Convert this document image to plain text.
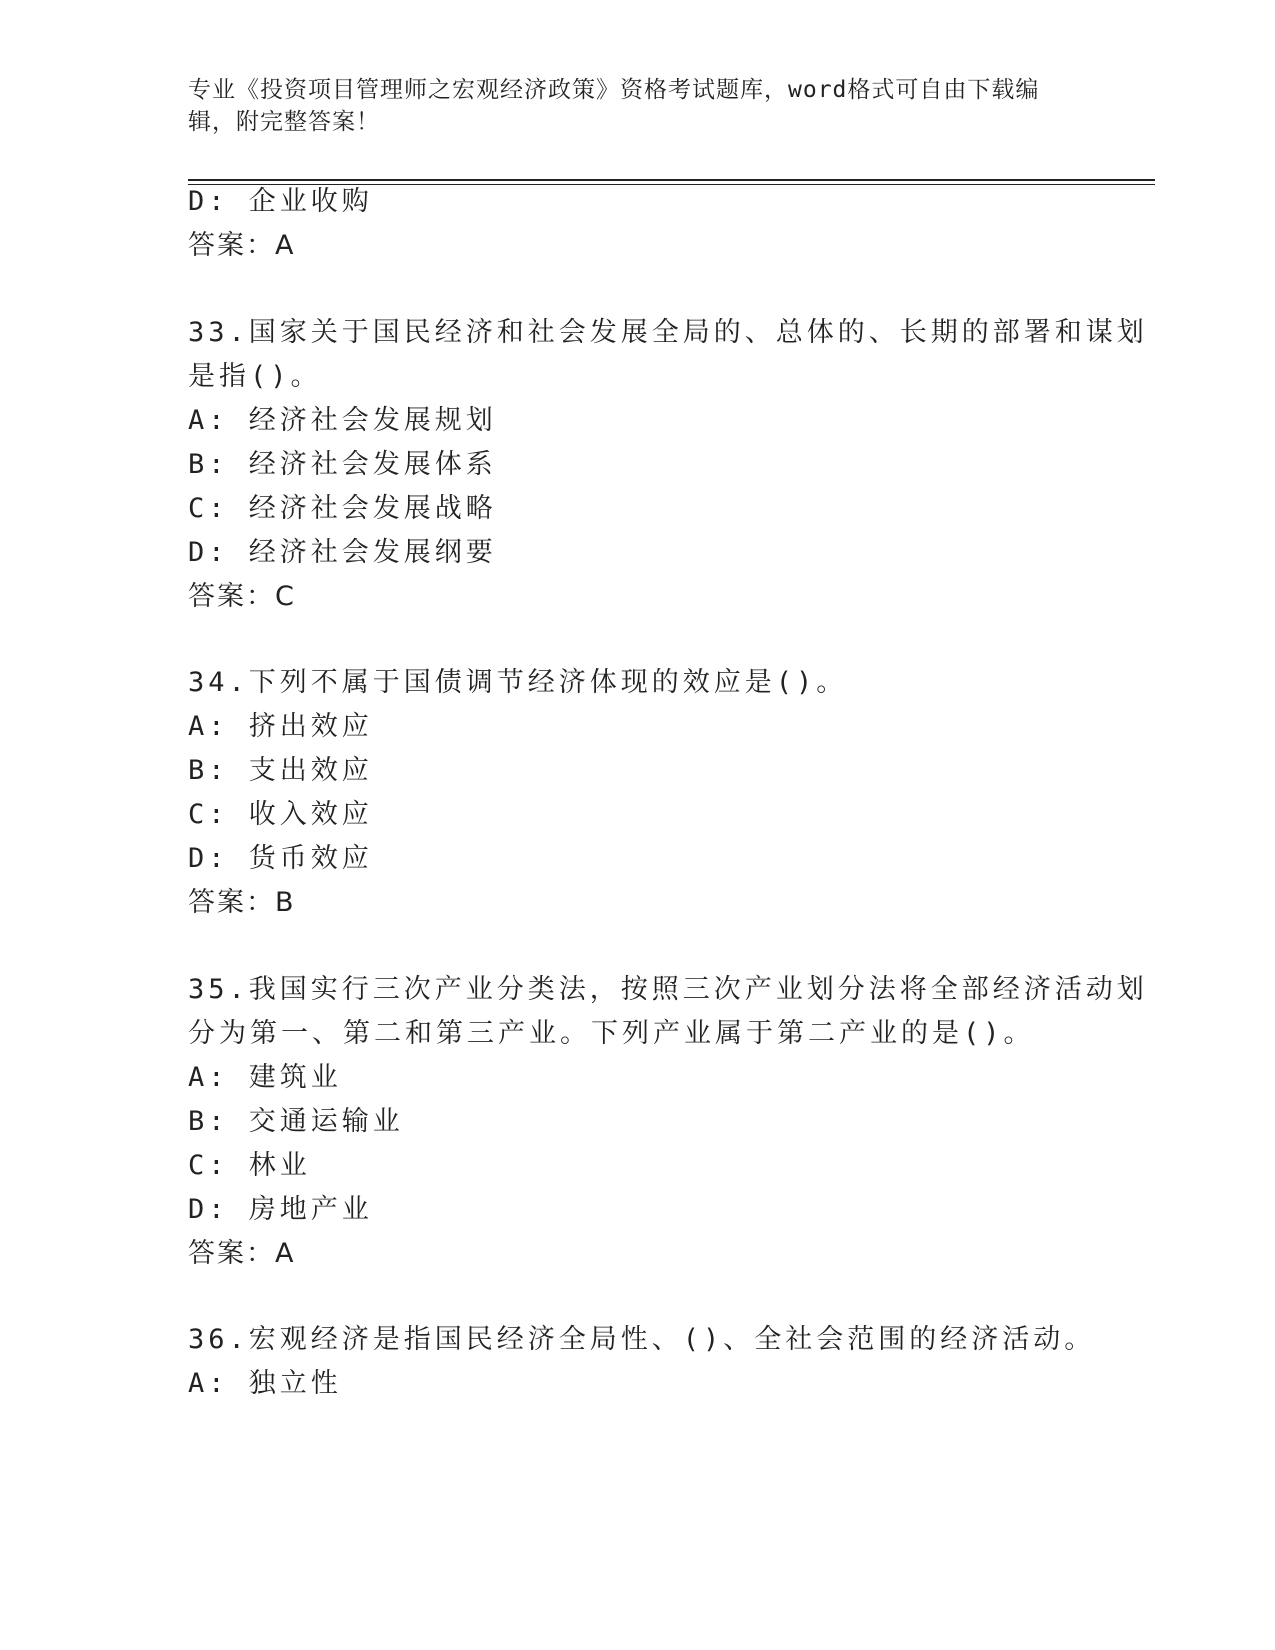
专业《投资项目管理师之宏观经济政策》资格考试题库，word格式可自由下载编
辑，附完整答案！
D: 企业收购
答案：A
33.国家关于国民经济和社会发展全局的、总体的、长期的部署和谋划
是指()。
A: 经济社会发展规划
B: 经济社会发展体系
C: 经济社会发展战略
D: 经济社会发展纲要
答案：C
34.下列不属于国债调节经济体现的效应是()。
A: 挤出效应
B: 支出效应
C: 收入效应
D: 货币效应
答案：B
35.我国实行三次产业分类法，按照三次产业划分法将全部经济活动划
分为第一、第二和第三产业。下列产业属于第二产业的是()。
A: 建筑业
B: 交通运输业
C: 林业
D: 房地产业
答案：A
36.宏观经济是指国民经济全局性、()、全社会范围的经济活动。
A: 独立性
